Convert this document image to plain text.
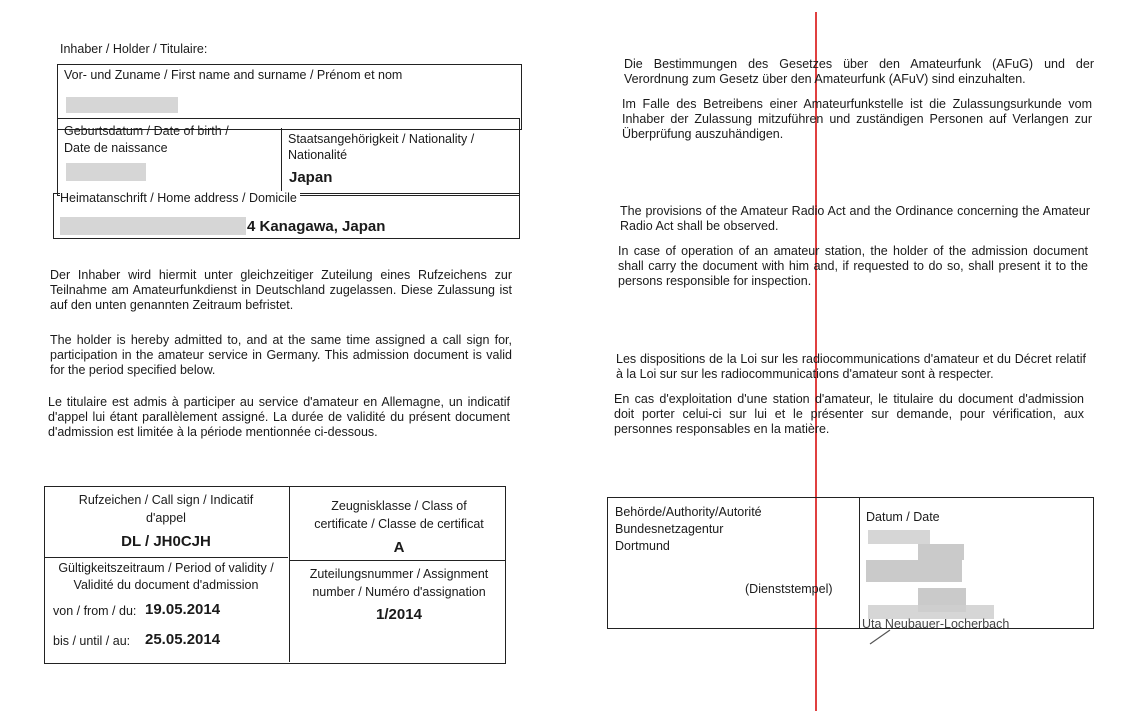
Inhaber / Holder / Titulaire:
Vor- und Zuname / First name and surname / Prénom et nom
Geburtsdatum / Date of birth /
Date de naissance
Staatsangehörigkeit / Nationality /
Nationalité
Japan
Heimatanschrift / Home address / Domicile
4 Kanagawa, Japan
Der Inhaber wird hiermit unter gleichzeitiger Zuteilung eines Rufzeichens zur Teilnahme am Amateurfunkdienst in Deutschland zugelassen. Diese Zulassung ist auf den unten genannten Zeitraum befristet.
The holder is hereby admitted to, and at the same time assigned a call sign for, participation in the amateur service in Germany. This admission document is valid for the period specified below.
Le titulaire est admis à participer au service d'amateur en Allemagne, un indicatif d'appel lui étant parallèlement assigné. La durée de validité du présent document d'admission est limitée à la période mentionnée ci-dessous.
Rufzeichen / Call sign / Indicatif
d'appel
DL / JH0CJH
Zeugnisklasse / Class of
certificate / Classe de certificat
A
Gültigkeitszeitraum / Period of validity /
Validité du document d'admission
von / from / du: 19.05.2014
bis / until / au: 25.05.2014
Zuteilungsnummer / Assignment
number / Numéro d'assignation
1/2014
Die Bestimmungen des Gesetzes über den Amateurfunk (AFuG) und der Verordnung zum Gesetz über den Amateurfunk (AFuV) sind einzuhalten.
Im Falle des Betreibens einer Amateurfunkstelle ist die Zulassungsurkunde vom Inhaber der Zulassung mitzuführen und zuständigen Personen auf Verlangen zur Überprüfung auszuhändigen.
The provisions of the Amateur Radio Act and the Ordinance concerning the Amateur Radio Act shall be observed.
In case of operation of an amateur station, the holder of the admission document shall carry the document with him and, if requested to do so, shall present it to the persons responsible for inspection.
Les dispositions de la Loi sur les radiocommunications d'amateur et du Décret relatif à la Loi sur sur les radiocommunications d'amateur sont à respecter.
En cas d'exploitation d'une station d'amateur, le titulaire du document d'admission doit porter celui-ci sur lui et le présenter sur demande, pour vérification, aux personnes responsables en la matière.
Behörde/Authority/Autorité
Bundesnetzagentur
Dortmund
(Dienststempel)
Datum / Date
Uta Neubauer-Locherbach
